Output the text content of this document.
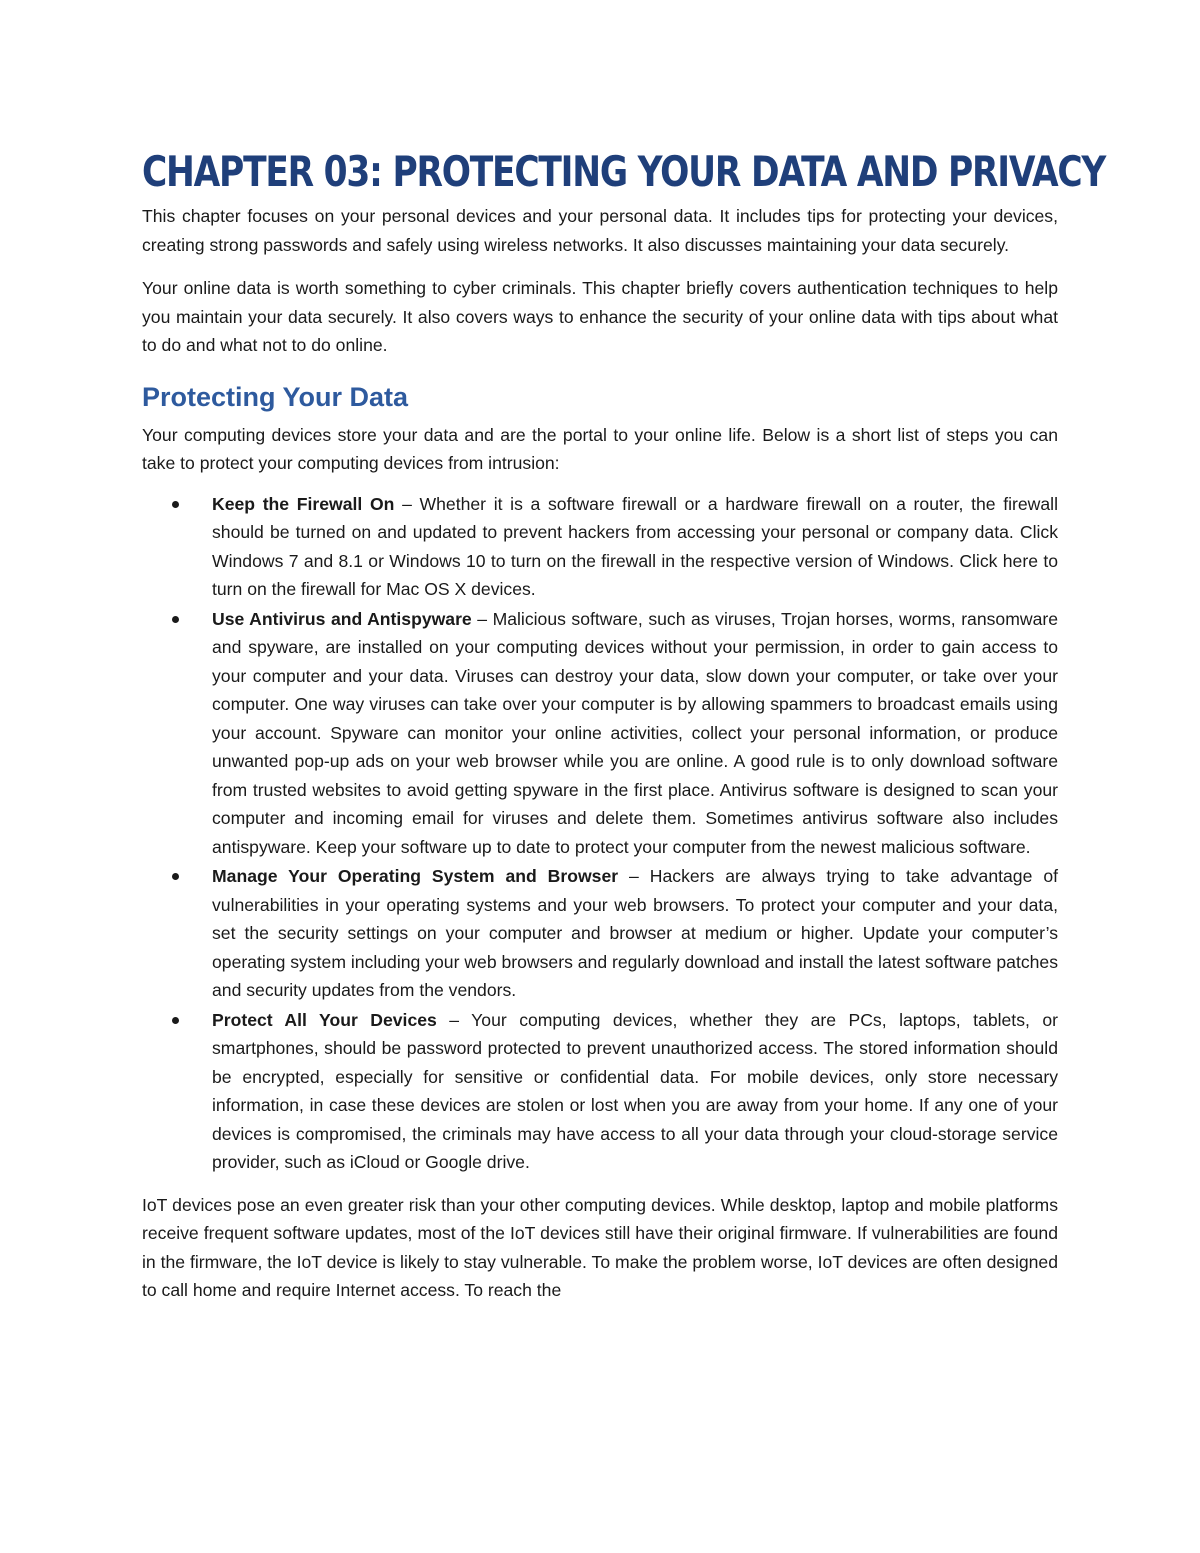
CHAPTER 03: PROTECTING YOUR DATA AND PRIVACY

This chapter focuses on your personal devices and your personal data. It includes tips for protecting your devices, creating strong passwords and safely using wireless networks. It also discusses maintaining your data securely.

Your online data is worth something to cyber criminals. This chapter briefly covers authentication techniques to help you maintain your data securely. It also covers ways to enhance the security of your online data with tips about what to do and what not to do online.

Protecting Your Data

Your computing devices store your data and are the portal to your online life. Below is a short list of steps you can take to protect your computing devices from intrusion:

Keep the Firewall On – Whether it is a software firewall or a hardware firewall on a router, the firewall should be turned on and updated to prevent hackers from accessing your personal or company data. Click Windows 7 and 8.1 or Windows 10 to turn on the firewall in the respective version of Windows. Click here to turn on the firewall for Mac OS X devices.
Use Antivirus and Antispyware – Malicious software, such as viruses, Trojan horses, worms, ransomware and spyware, are installed on your computing devices without your permission, in order to gain access to your computer and your data. Viruses can destroy your data, slow down your computer, or take over your computer. One way viruses can take over your computer is by allowing spammers to broadcast emails using your account. Spyware can monitor your online activities, collect your personal information, or produce unwanted pop-up ads on your web browser while you are online. A good rule is to only download software from trusted websites to avoid getting spyware in the first place. Antivirus software is designed to scan your computer and incoming email for viruses and delete them. Sometimes antivirus software also includes antispyware. Keep your software up to date to protect your computer from the newest malicious software.
Manage Your Operating System and Browser – Hackers are always trying to take advantage of vulnerabilities in your operating systems and your web browsers. To protect your computer and your data, set the security settings on your computer and browser at medium or higher. Update your computer’s operating system including your web browsers and regularly download and install the latest software patches and security updates from the vendors.
Protect All Your Devices – Your computing devices, whether they are PCs, laptops, tablets, or smartphones, should be password protected to prevent unauthorized access. The stored information should be encrypted, especially for sensitive or confidential data. For mobile devices, only store necessary information, in case these devices are stolen or lost when you are away from your home. If any one of your devices is compromised, the criminals may have access to all your data through your cloud-storage service provider, such as iCloud or Google drive.

IoT devices pose an even greater risk than your other computing devices. While desktop, laptop and mobile platforms receive frequent software updates, most of the IoT devices still have their original firmware. If vulnerabilities are found in the firmware, the IoT device is likely to stay vulnerable. To make the problem worse, IoT devices are often designed to call home and require Internet access. To reach the
